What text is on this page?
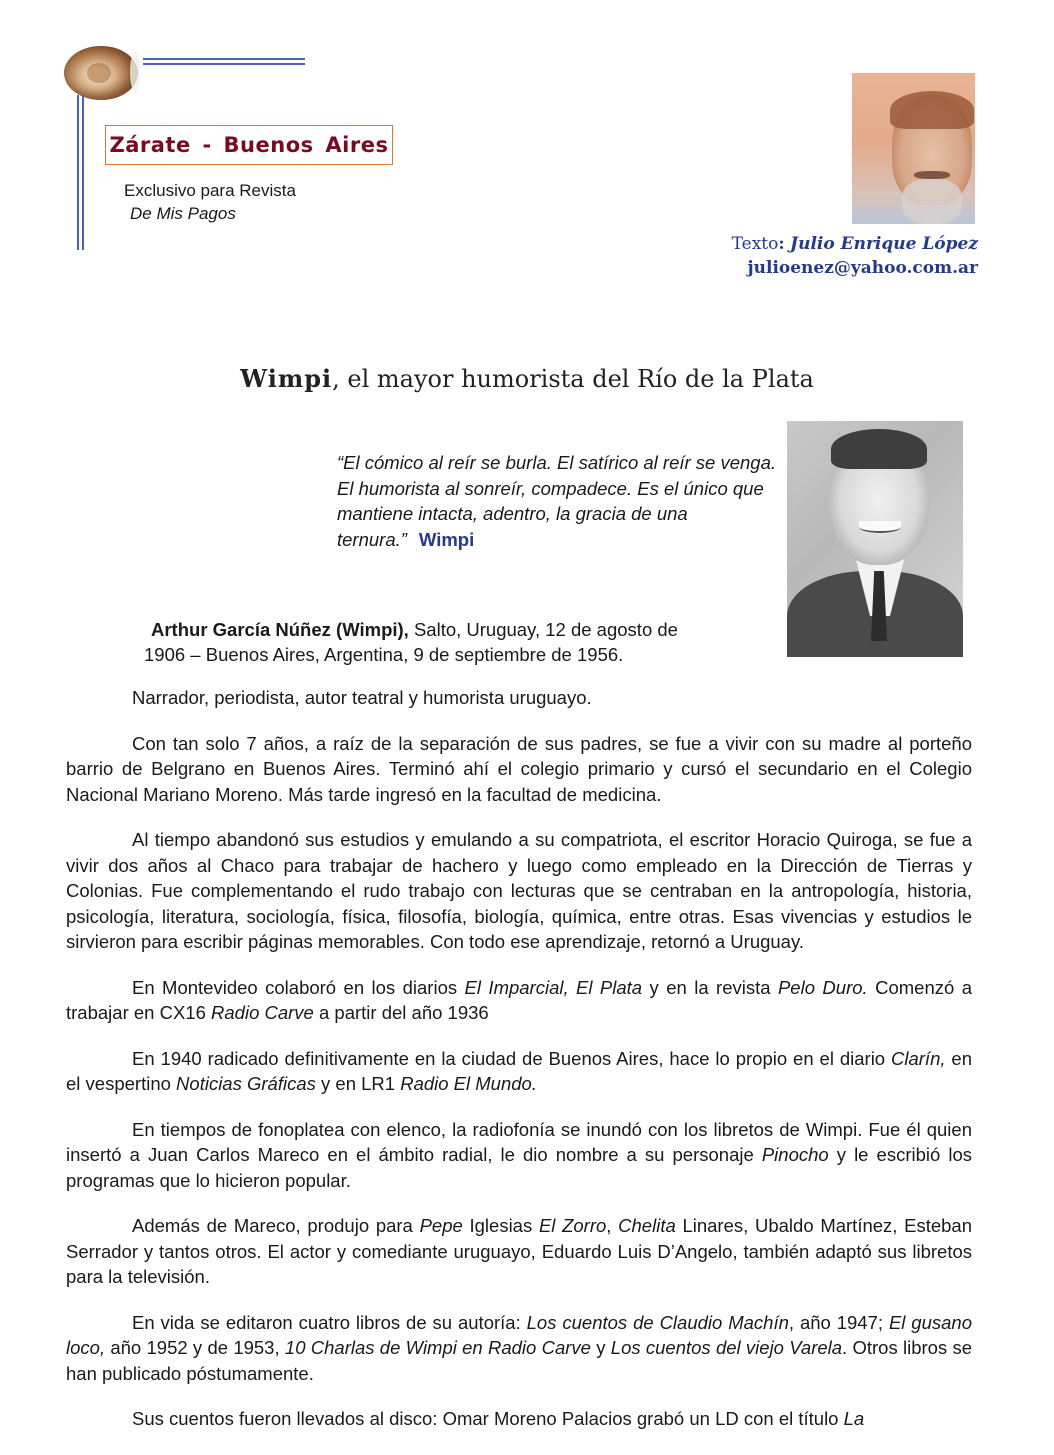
Zárate - Buenos Aires
Exclusivo para Revista
De Mis Pagos
Texto: Julio Enrique López
julioenez@yahoo.com.ar
Wimpi, el mayor humorista del Río de la Plata
“El cómico al reír se burla. El satírico al reír se venga. El humorista al sonreír, compadece. Es el único que mantiene intacta, adentro, la gracia de una ternura.” Wimpi
Arthur García Núñez (Wimpi), Salto, Uruguay, 12 de agosto de
1906 – Buenos Aires, Argentina, 9 de septiembre de 1956.

Narrador, periodista, autor teatral y humorista uruguayo.

Con tan solo 7 años, a raíz de la separación de sus padres, se fue a vivir con su madre al porteño barrio de Belgrano en Buenos Aires. Terminó ahí el colegio primario y cursó el secundario en el Colegio Nacional Mariano Moreno. Más tarde ingresó en la facultad de medicina.

Al tiempo abandonó sus estudios y emulando a su compatriota, el escritor Horacio Quiroga, se fue a vivir dos años al Chaco para trabajar de hachero y luego como empleado en la Dirección de Tierras y Colonias. Fue complementando el rudo trabajo con lecturas que se centraban en la antropología, historia, psicología, literatura, sociología, física, filosofía, biología, química, entre otras. Esas vivencias y estudios le sirvieron para escribir páginas memorables. Con todo ese aprendizaje, retornó a Uruguay.

En Montevideo colaboró en los diarios El Imparcial, El Plata y en la revista Pelo Duro. Comenzó a trabajar en CX16 Radio Carve a partir del año 1936

En 1940 radicado definitivamente en la ciudad de Buenos Aires, hace lo propio en el diario Clarín, en el vespertino Noticias Gráficas y en LR1 Radio El Mundo.

En tiempos de fonoplatea con elenco, la radiofonía se inundó con los libretos de Wimpi. Fue él quien insertó a Juan Carlos Mareco en el ámbito radial, le dio nombre a su personaje Pinocho y le escribió los programas que lo hicieron popular.

Además de Mareco, produjo para Pepe Iglesias El Zorro, Chelita Linares, Ubaldo Martínez, Esteban Serrador y tantos otros. El actor y comediante uruguayo, Eduardo Luis D’Angelo, también adaptó sus libretos para la televisión.

En vida se editaron cuatro libros de su autoría: Los cuentos de Claudio Machín, año 1947; El gusano loco, año 1952 y de 1953, 10 Charlas de Wimpi en Radio Carve y Los cuentos del viejo Varela. Otros libros se han publicado póstumamente.

Sus cuentos fueron llevados al disco: Omar Moreno Palacios grabó un LD con el título La
